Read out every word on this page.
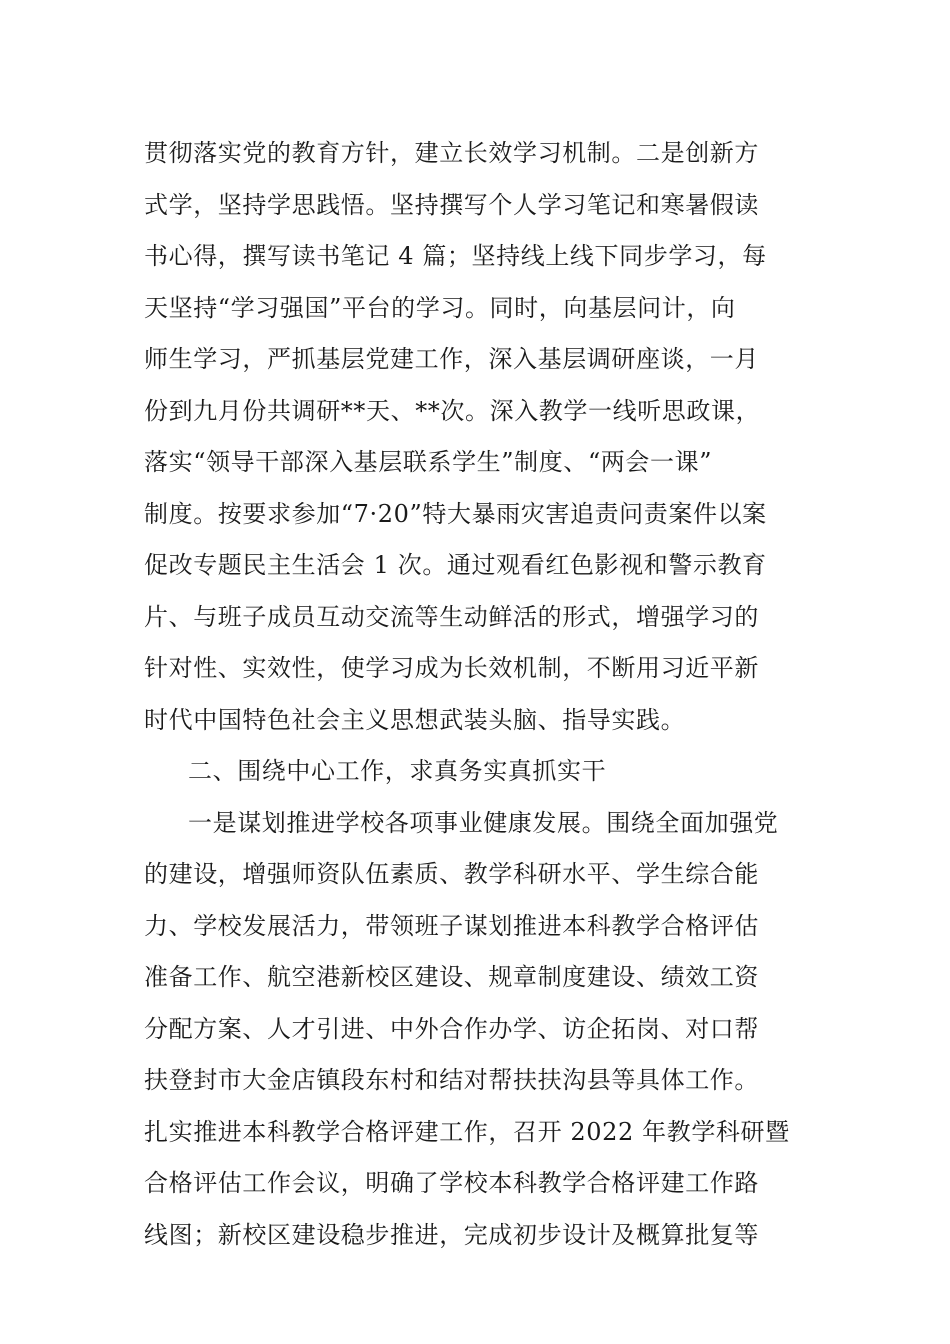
贯彻落实党的教育方针，建立长效学习机制。二是创新方
式学，坚持学思践悟。坚持撰写个人学习笔记和寒暑假读
书心得，撰写读书笔记 4 篇；坚持线上线下同步学习，每
天坚持“学习强国”平台的学习。同时，向基层问计，向
师生学习，严抓基层党建工作，深入基层调研座谈，一月
份到九月份共调研**天、**次。深入教学一线听思政课，
落实“领导干部深入基层联系学生”制度、“两会一课”
制度。按要求参加“7·20”特大暴雨灾害追责问责案件以案
促改专题民主生活会 1 次。通过观看红色影视和警示教育
片、与班子成员互动交流等生动鲜活的形式，增强学习的
针对性、实效性，使学习成为长效机制，不断用习近平新
时代中国特色社会主义思想武装头脑、指导实践。
二、围绕中心工作，求真务实真抓实干
一是谋划推进学校各项事业健康发展。围绕全面加强党
的建设，增强师资队伍素质、教学科研水平、学生综合能
力、学校发展活力，带领班子谋划推进本科教学合格评估
准备工作、航空港新校区建设、规章制度建设、绩效工资
分配方案、人才引进、中外合作办学、访企拓岗、对口帮
扶登封市大金店镇段东村和结对帮扶扶沟县等具体工作。
扎实推进本科教学合格评建工作，召开 2022 年教学科研暨
合格评估工作会议，明确了学校本科教学合格评建工作路
线图；新校区建设稳步推进，完成初步设计及概算批复等
